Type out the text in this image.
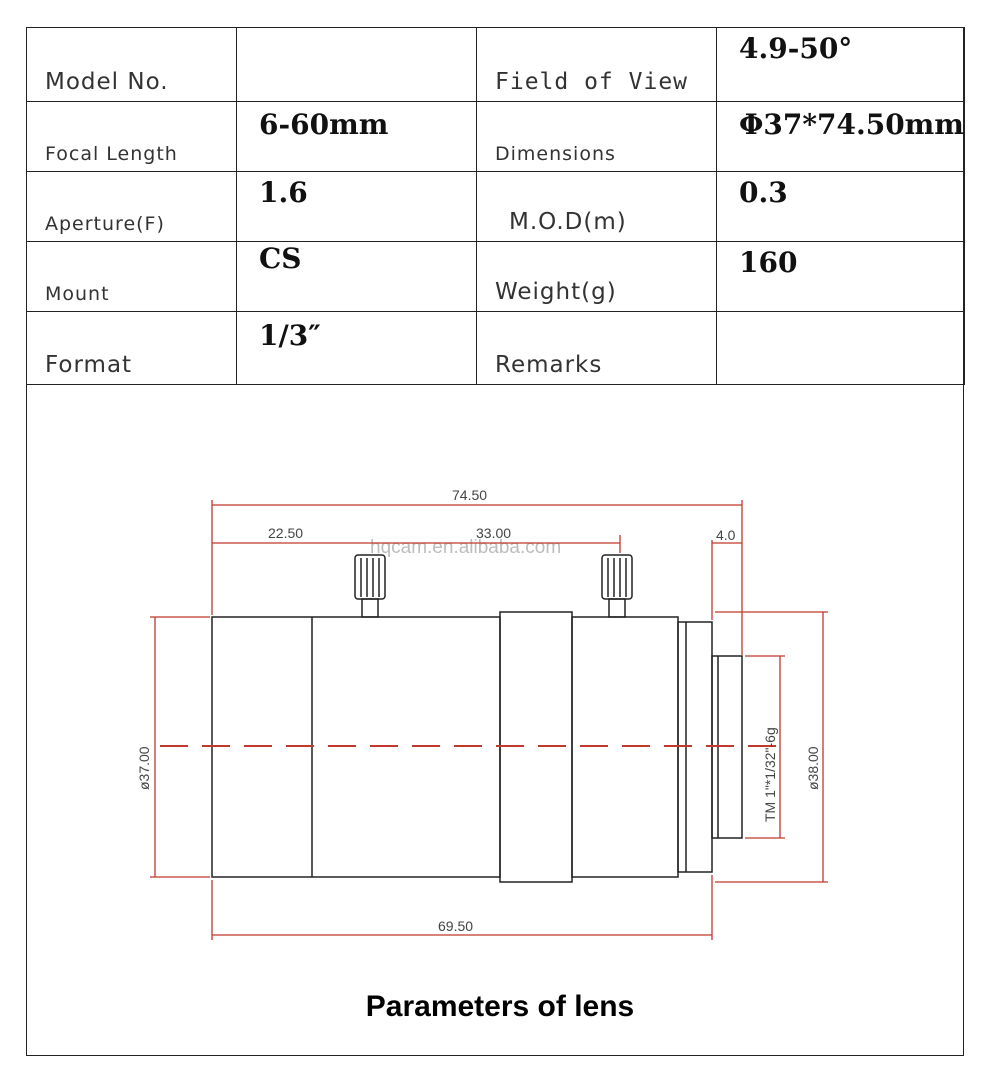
Model No.		Field of View	4.9-50°

Focal Length	6-60mm	Dimensions	Φ37*74.50mm

Aperture(F)	1.6	M.O.D(m)	0.3

Mount	CS	Weight(g)	160

Format	1/3″	Remarks	

hqcam.en.alibaba.com
74.50
22.50	33.00	4.0
69.50
ø37.00	ø38.00
TM 1"*1/32"-6g
Parameters of lens
